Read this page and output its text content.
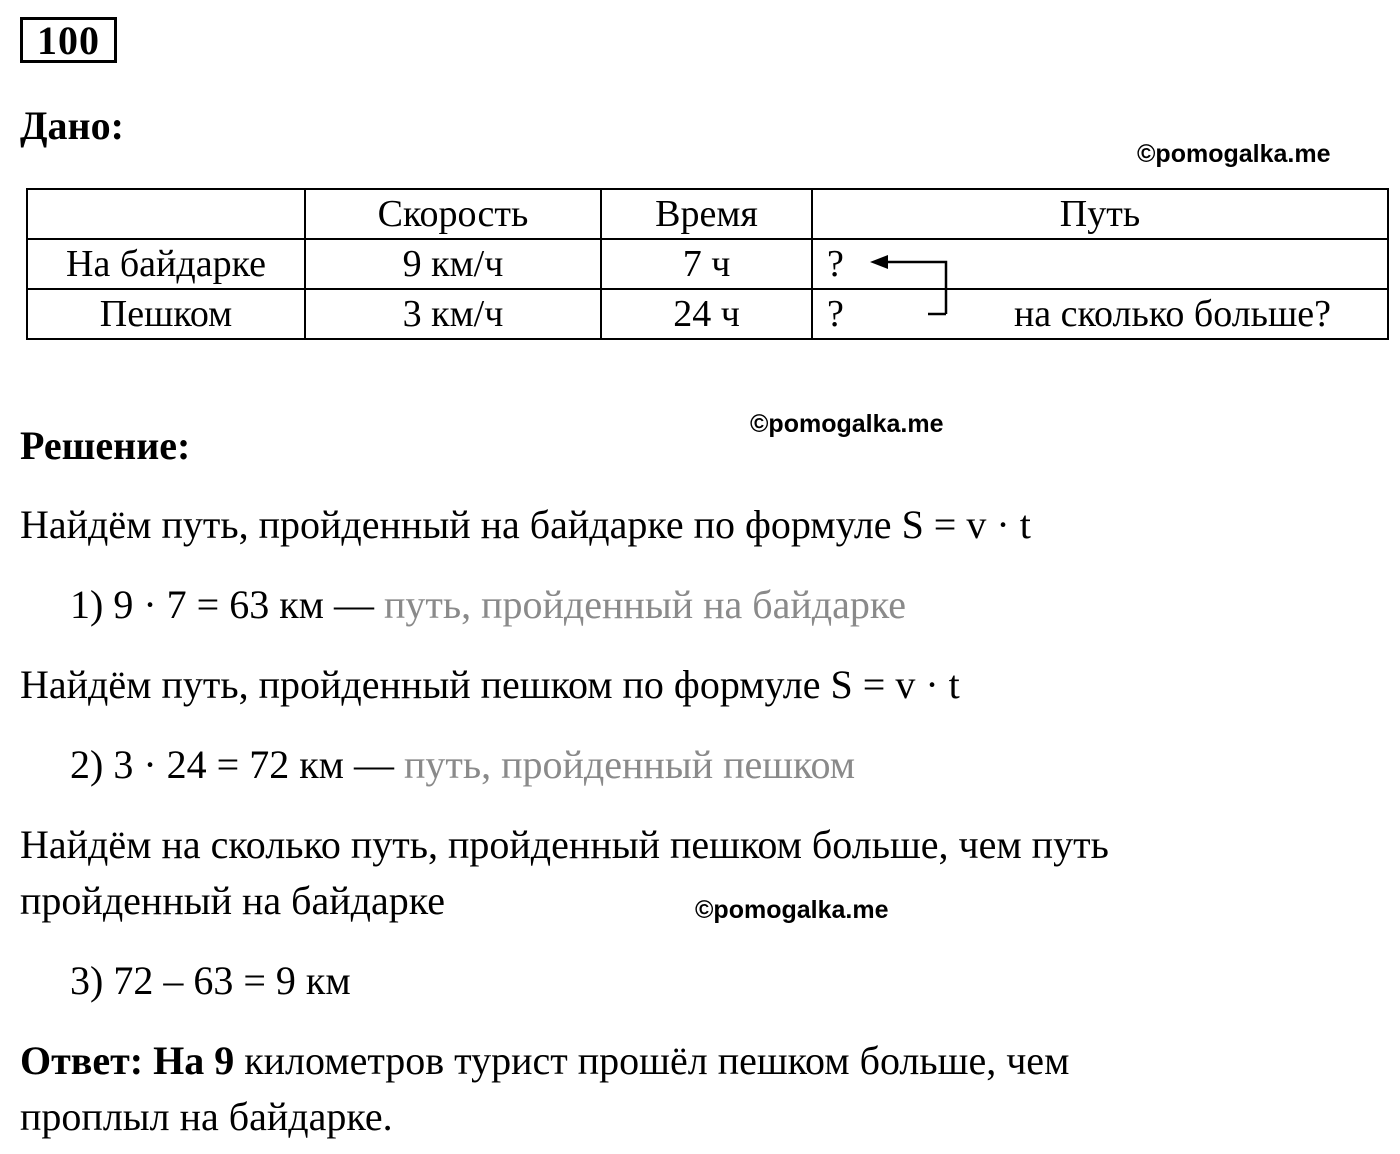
100
Дано:
©pomogalka.me
	Скорость	Время	Путь
На байдарке	9 км/ч	7 ч	?
Пешком	3 км/ч	24 ч	? на сколько больше?
©pomogalka.me
Решение:
Найдём путь, пройденный на байдарке по формуле S = v · t
1) 9 · 7 = 63 км — путь, пройденный на байдарке
Найдём путь, пройденный пешком по формуле S = v · t
2) 3 · 24 = 72 км — путь, пройденный пешком
Найдём на сколько путь, пройденный пешком больше, чем путь
пройденный на байдарке	©pomogalka.me
3) 72 – 63 = 9 км
Ответ: На 9 километров турист прошёл пешком больше, чем
проплыл на байдарке.
